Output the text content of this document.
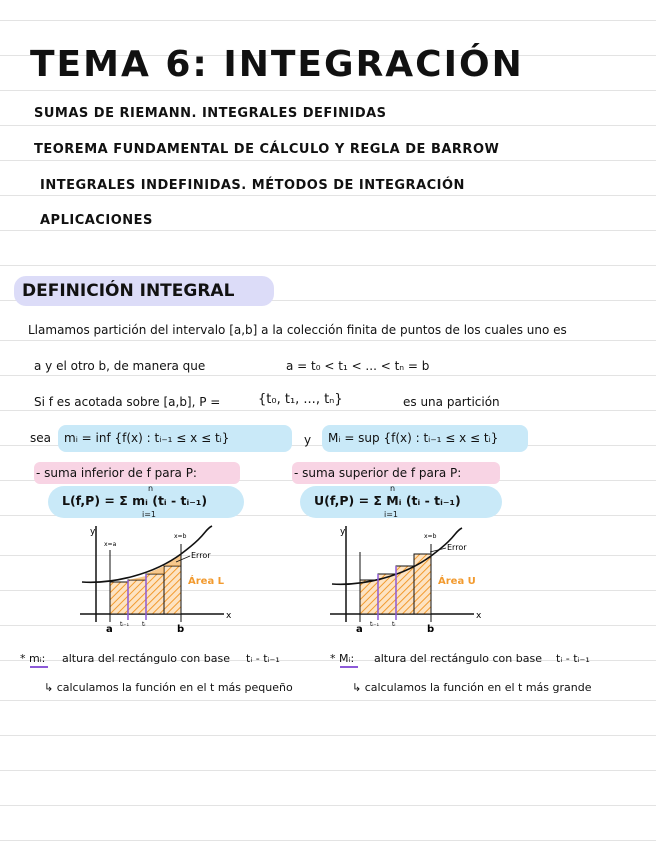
TEMA 6: INTEGRACIÓN
SUMAS DE RIEMANN. INTEGRALES DEFINIDAS
TEOREMA FUNDAMENTAL DE CÁLCULO Y REGLA DE BARROW
INTEGRALES INDEFINIDAS. MÉTODOS DE INTEGRACIÓN
APLICACIONES
DEFINICIÓN INTEGRAL
Llamamos partición del intervalo [a,b] a la colección finita de puntos de los cuales uno es
a y el otro b, de manera que	a = t₀ < t₁ < ... < tₙ = b
Si f es acotada sobre [a,b], P =	{t₀, t₁, ..., tₙ}	es una partición
sea mᵢ = inf {f(x) : tᵢ₋₁ ≤ x ≤ tᵢ}	y Mᵢ = sup {f(x) : tᵢ₋₁ ≤ x ≤ tᵢ}
- suma inferior de f para P:
L(f,P) = Σ mᵢ (tᵢ - tᵢ₋₁)
n
i=1
- suma superior de f para P:
U(f,P) = Σ Mᵢ (tᵢ - tᵢ₋₁)
n
i=1
y
x
a	b
tᵢ₋₁ tᵢ
x=a
x=b
Error
Área L
y
x
a	b
tᵢ₋₁ tᵢ
x=b
Error
Área U
* mᵢ: altura del rectángulo con base tᵢ - tᵢ₋₁
↳ calculamos la función en el t más pequeño
* Mᵢ: altura del rectángulo con base tᵢ - tᵢ₋₁
↳ calculamos la función en el t más grande
